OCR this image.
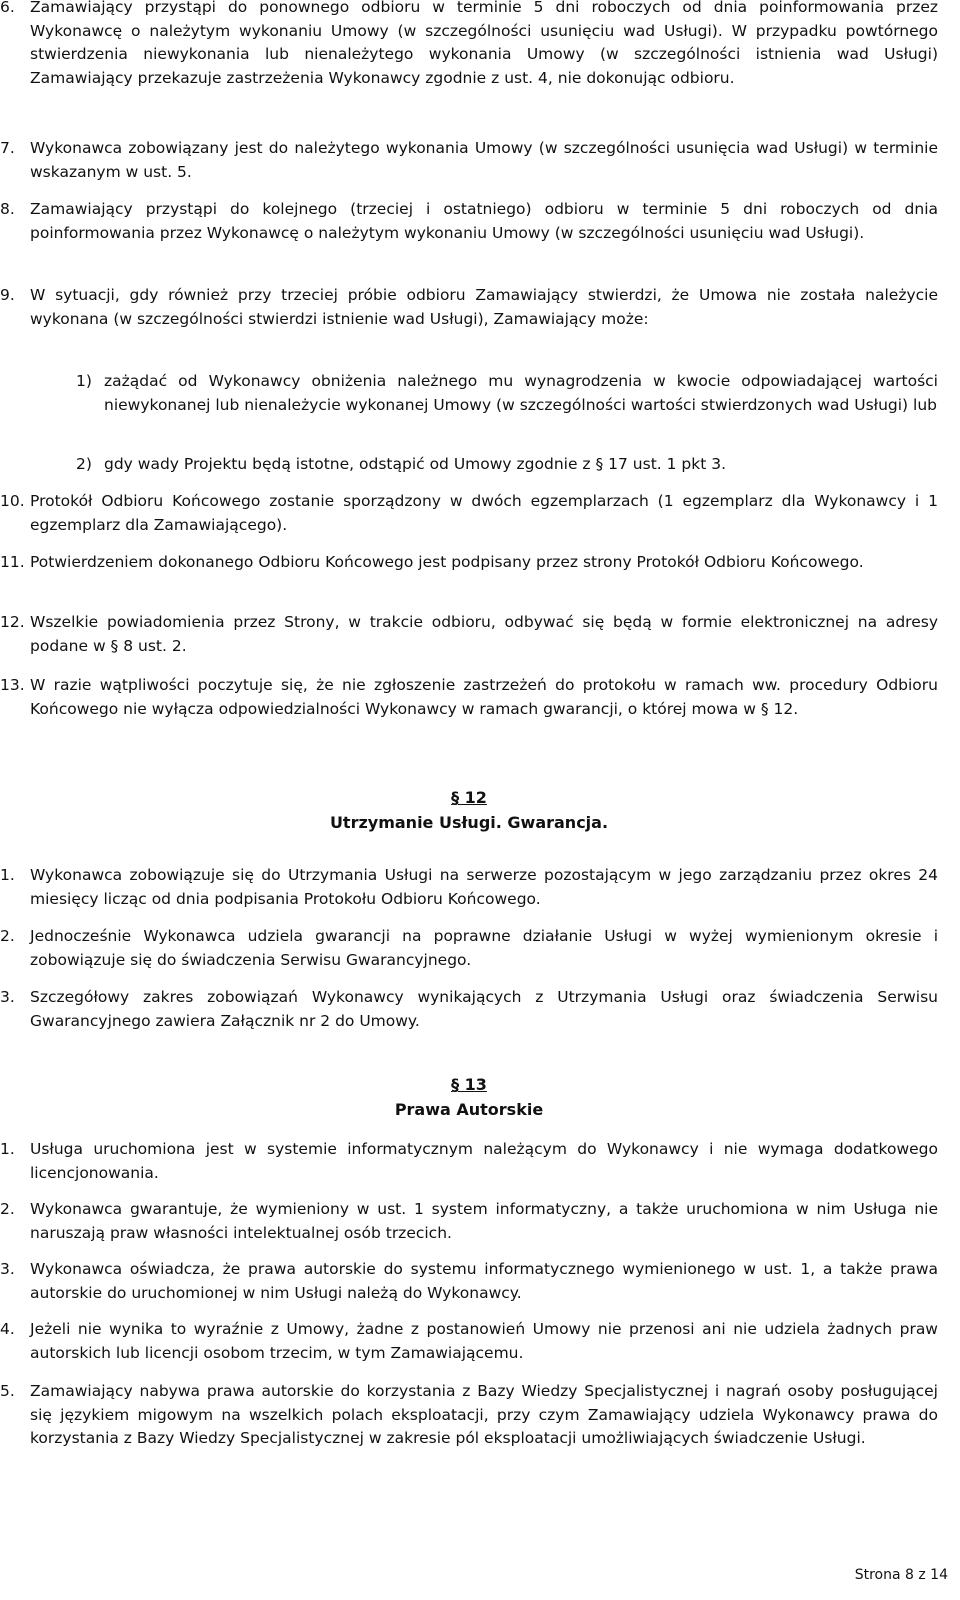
6. Zamawiający przystąpi do ponownego odbioru w terminie 5 dni roboczych od dnia poinformowania przez Wykonawcę o należytym wykonaniu Umowy (w szczególności usunięciu wad Usługi). W przypadku powtórnego stwierdzenia niewykonania lub nienależytego wykonania Umowy (w szczególności istnienia wad Usługi) Zamawiający przekazuje zastrzeżenia Wykonawcy zgodnie z ust. 4, nie dokonując odbioru.
7. Wykonawca zobowiązany jest do należytego wykonania Umowy (w szczególności usunięcia wad Usługi) w terminie wskazanym w ust. 5.
8. Zamawiający przystąpi do kolejnego (trzeciej i ostatniego) odbioru w terminie 5 dni roboczych od dnia poinformowania przez Wykonawcę o należytym wykonaniu Umowy (w szczególności usunięciu wad Usługi).
9. W sytuacji, gdy również przy trzeciej próbie odbioru Zamawiający stwierdzi, że Umowa nie została należycie wykonana (w szczególności stwierdzi istnienie wad Usługi), Zamawiający może:
1) zażądać od Wykonawcy obniżenia należnego mu wynagrodzenia w kwocie odpowiadającej wartości niewykonanej lub nienależycie wykonanej Umowy (w szczególności wartości stwierdzonych wad Usługi) lub
2) gdy wady Projektu będą istotne, odstąpić od Umowy zgodnie z § 17 ust. 1 pkt 3.
10. Protokół Odbioru Końcowego zostanie sporządzony w dwóch egzemplarzach (1 egzemplarz dla Wykonawcy i 1 egzemplarz dla Zamawiającego).
11. Potwierdzeniem dokonanego Odbioru Końcowego jest podpisany przez strony Protokół Odbioru Końcowego.
12. Wszelkie powiadomienia przez Strony, w trakcie odbioru, odbywać się będą w formie elektronicznej na adresy podane w § 8 ust. 2.
13. W razie wątpliwości poczytuje się, że nie zgłoszenie zastrzeżeń do protokołu w ramach ww. procedury Odbioru Końcowego nie wyłącza odpowiedzialności Wykonawcy w ramach gwarancji, o której mowa w § 12.
§ 12
Utrzymanie Usługi. Gwarancja.
1. Wykonawca zobowiązuje się do Utrzymania Usługi na serwerze pozostającym w jego zarządzaniu przez okres 24 miesięcy licząc od dnia podpisania Protokołu Odbioru Końcowego.
2. Jednocześnie Wykonawca udziela gwarancji na poprawne działanie Usługi w wyżej wymienionym okresie i zobowiązuje się do świadczenia Serwisu Gwarancyjnego.
3. Szczegółowy zakres zobowiązań Wykonawcy wynikających z Utrzymania Usługi oraz świadczenia Serwisu Gwarancyjnego zawiera Załącznik nr 2 do Umowy.
§ 13
Prawa Autorskie
1. Usługa uruchomiona jest w systemie informatycznym należącym do Wykonawcy i nie wymaga dodatkowego licencjonowania.
2. Wykonawca gwarantuje, że wymieniony w ust. 1 system informatyczny, a także uruchomiona w nim Usługa nie naruszają praw własności intelektualnej osób trzecich.
3. Wykonawca oświadcza, że prawa autorskie do systemu informatycznego wymienionego w ust. 1, a także prawa autorskie do uruchomionej w nim Usługi należą do Wykonawcy.
4. Jeżeli nie wynika to wyraźnie z Umowy, żadne z postanowień Umowy nie przenosi ani nie udziela żadnych praw autorskich lub licencji osobom trzecim, w tym Zamawiającemu.
5. Zamawiający nabywa prawa autorskie do korzystania z Bazy Wiedzy Specjalistycznej i nagrań osoby posługującej się językiem migowym na wszelkich polach eksploatacji, przy czym Zamawiający udziela Wykonawcy prawa do korzystania z Bazy Wiedzy Specjalistycznej w zakresie pól eksploatacji umożliwiających świadczenie Usługi.
Strona 8 z 14
